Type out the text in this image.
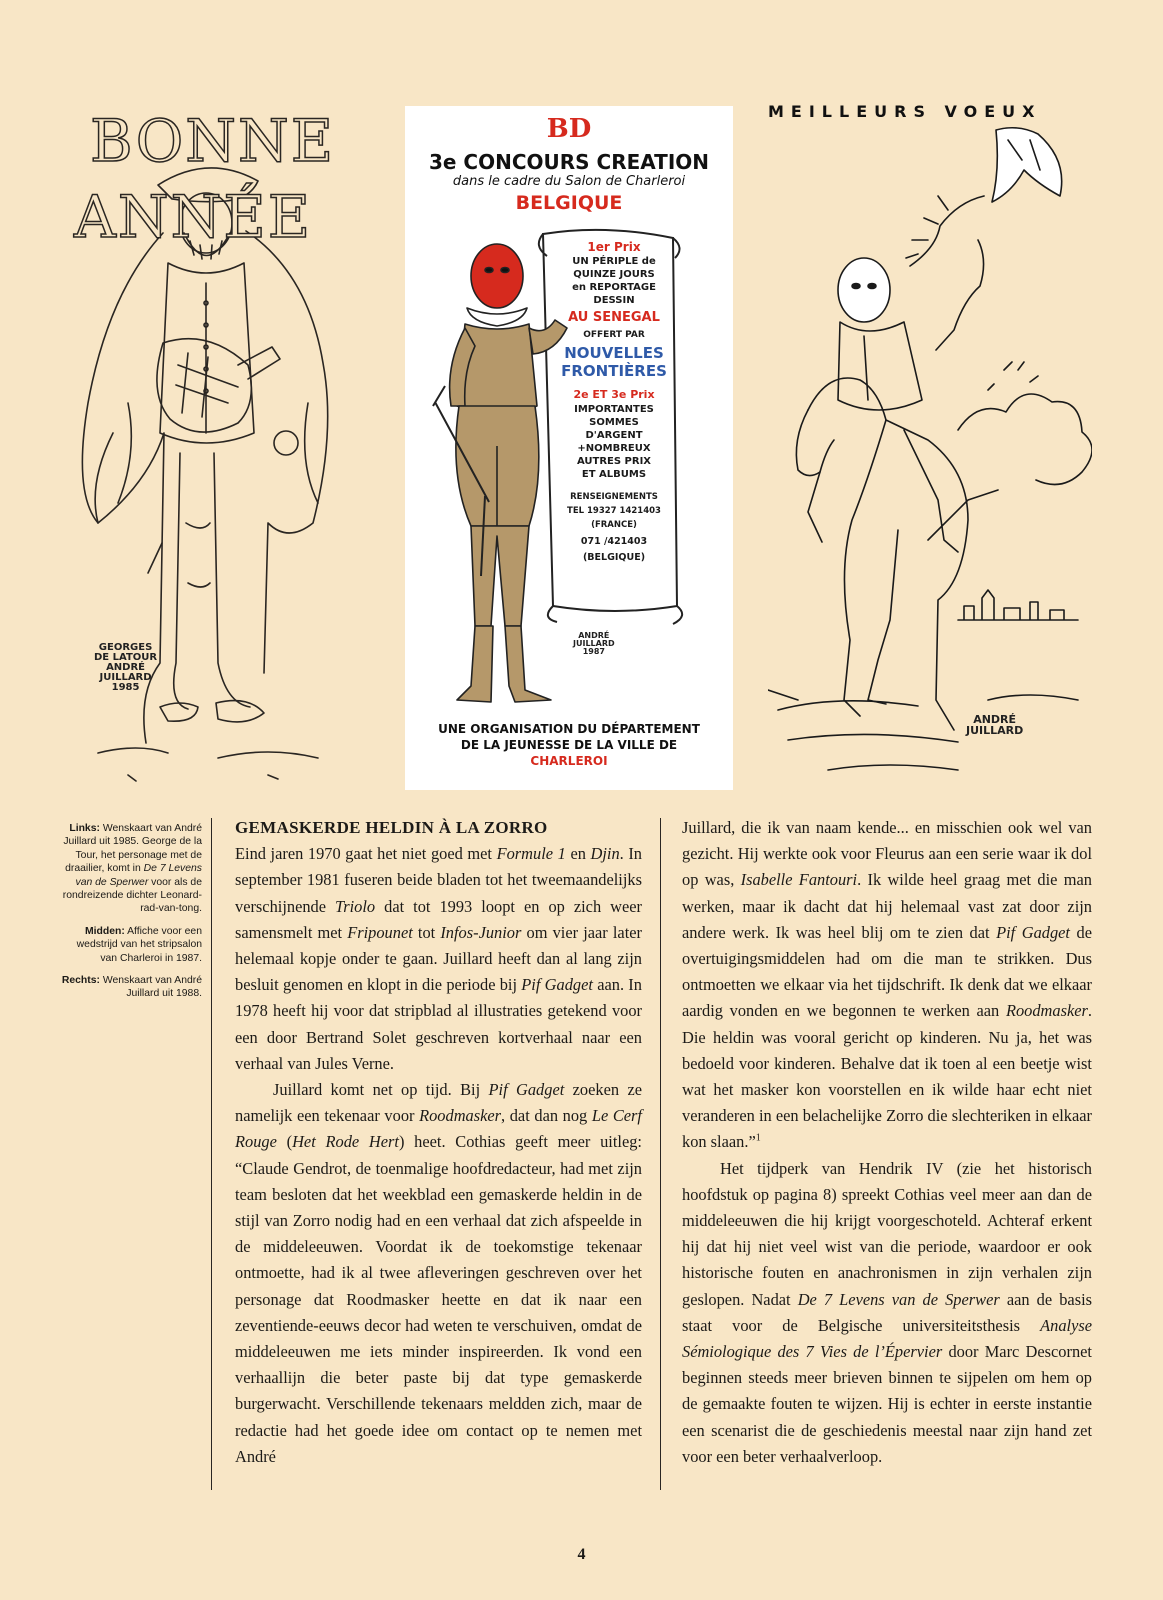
BONNE
ANNÉE
GEORGES
DE LATOUR
ANDRÉ
JUILLARD
1985
BD
3e CONCOURS CREATION
dans le cadre du Salon de Charleroi
BELGIQUE
1er Prix
UN PÉRIPLE de
QUINZE JOURS
en REPORTAGE
DESSIN
AU SENEGAL
OFFERT PAR
NOUVELLES
FRONTIÈRES
2e ET 3e Prix
IMPORTANTES
SOMMES
D'ARGENT
+NOMBREUX
AUTRES PRIX
ET ALBUMS
RENSEIGNEMENTS
TEL 19327 1421403
(FRANCE)
071 /421403
(BELGIQUE)
ANDRÉ
JUILLARD
1987
UNE ORGANISATION DU DÉPARTEMENT
DE LA JEUNESSE DE LA VILLE DE
CHARLEROI
MEILLEURS VOEUX
ANDRÉ
JUILLARD

Links: Wenskaart van André Juillard uit 1985. George de la Tour, het personage met de draailier, komt in De 7 Levens van de Sperwer voor als de rondreizende dichter Leonard-rad-van-tong.

Midden: Affiche voor een wedstrijd van het stripsalon van Charleroi in 1987.

Rechts: Wenskaart van André Juillard uit 1988.

GEMASKERDE HELDIN À LA ZORRO

Eind jaren 1970 gaat het niet goed met Formule 1 en Djin. In september 1981 fuseren beide bladen tot het tweemaandelijks verschijnende Triolo dat tot 1993 loopt en op zich weer samensmelt met Fripounet tot Infos-Junior om vier jaar later helemaal kopje onder te gaan. Juillard heeft dan al lang zijn besluit genomen en klopt in die periode bij Pif Gadget aan. In 1978 heeft hij voor dat stripblad al illustraties getekend voor een door Bertrand Solet geschreven kortverhaal naar een verhaal van Jules Verne.

Juillard komt net op tijd. Bij Pif Gadget zoeken ze namelijk een tekenaar voor Roodmasker, dat dan nog Le Cerf Rouge (Het Rode Hert) heet. Cothias geeft meer uitleg: “Claude Gendrot, de toenmalige hoofdredacteur, had met zijn team besloten dat het weekblad een gemaskerde heldin in de stijl van Zorro nodig had en een verhaal dat zich afspeelde in de middeleeuwen. Voordat ik de toekomstige tekenaar ontmoette, had ik al twee afleveringen geschreven over het personage dat Roodmasker heette en dat ik naar een zeventiende-eeuws decor had weten te verschuiven, omdat de middeleeuwen me iets minder inspireerden. Ik vond een verhaallijn die beter paste bij dat type gemaskerde burgerwacht. Verschillende tekenaars meldden zich, maar de redactie had het goede idee om contact op te nemen met André

Juillard, die ik van naam kende... en misschien ook wel van gezicht. Hij werkte ook voor Fleurus aan een serie waar ik dol op was, Isabelle Fantouri. Ik wilde heel graag met die man werken, maar ik dacht dat hij helemaal vast zat door zijn andere werk. Ik was heel blij om te zien dat Pif Gadget de overtuigingsmiddelen had om die man te strikken. Dus ontmoetten we elkaar via het tijdschrift. Ik denk dat we elkaar aardig vonden en we begonnen te werken aan Roodmasker. Die heldin was vooral gericht op kinderen. Nu ja, het was bedoeld voor kinderen. Behalve dat ik toen al een beetje wist wat het masker kon voorstellen en ik wilde haar echt niet veranderen in een belachelijke Zorro die slechteriken in elkaar kon slaan.”$^1$

Het tijdperk van Hendrik IV (zie het historisch hoofdstuk op pagina 8) spreekt Cothias veel meer aan dan de middeleeuwen die hij krijgt voorgeschoteld. Achteraf erkent hij dat hij niet veel wist van die periode, waardoor er ook historische fouten en anachronismen in zijn verhalen zijn geslopen. Nadat De 7 Levens van de Sperwer aan de basis staat voor de Belgische universiteitsthesis Analyse Sémiologique des 7 Vies de l’Épervier door Marc Descornet beginnen steeds meer brieven binnen te sijpelen om hem op de gemaakte fouten te wijzen. Hij is echter in eerste instantie een scenarist die de geschiedenis meestal naar zijn hand zet voor een beter verhaalverloop.

4
